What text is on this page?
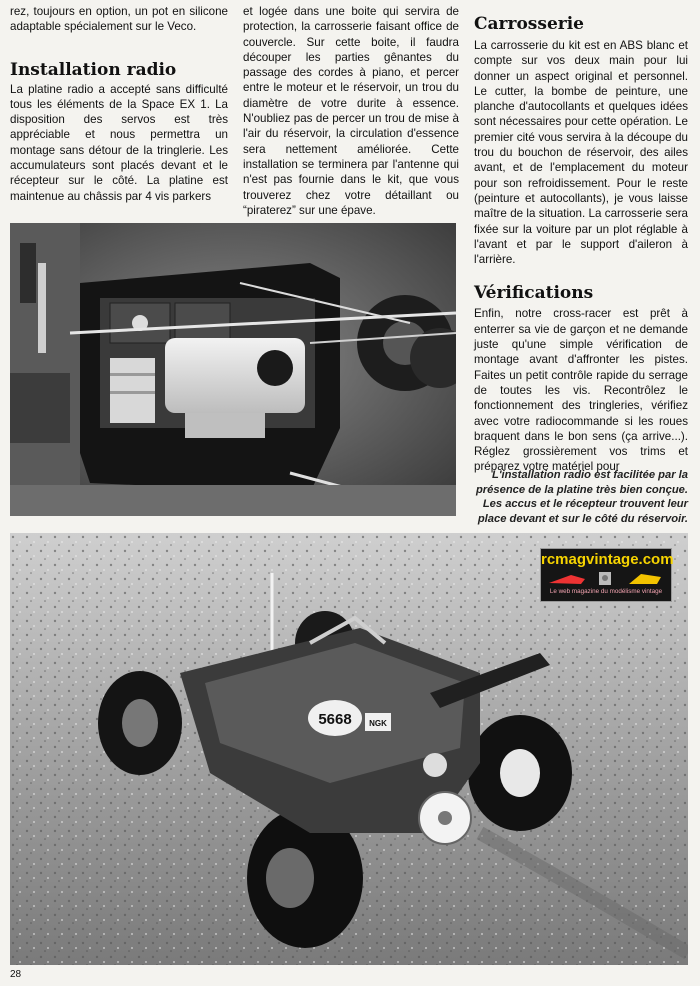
rez, toujours en option, un pot en silicone adaptable spécialement sur le Veco.

Installation radio

La platine radio a accepté sans difficulté tous les éléments de la Space EX 1. La disposition des servos est très appréciable et nous permettra un montage sans détour de la tringlerie. Les accumulateurs sont placés devant et le récepteur sur le côté. La platine est maintenue au châssis par 4 vis parkers

et logée dans une boite qui servira de protection, la carrosserie faisant office de couvercle. Sur cette boite, il faudra découper les parties gênantes du passage des cordes à piano, et percer entre le moteur et le réservoir, un trou du diamètre de votre durite à essence. N'oubliez pas de percer un trou de mise à l'air du réservoir, la circulation d'essence sera nettement améliorée. Cette installation se terminera par l'antenne qui n'est pas fournie dans le kit, que vous trouverez chez votre détaillant ou “piraterez” sur une épave.

Carrosserie

La carrosserie du kit est en ABS blanc et compte sur vos deux main pour lui donner un aspect original et personnel. Le cutter, la bombe de peinture, une planche d'autocollants et quelques idées sont nécessaires pour cette opération. Le premier cité vous servira à la découpe du trou du bouchon de réservoir, des ailes avant, et de l'emplacement du moteur pour son refroidissement. Pour le reste (peinture et autocollants), je vous laisse maître de la situation. La carrosserie sera fixée sur la voiture par un plot réglable à l'avant et par le support d'aileron à l'arrière.

Vérifications

Enfin, notre cross-racer est prêt à enterrer sa vie de garçon et ne demande juste qu'une simple vérification de montage avant d'affronter les pistes. Faites un petit contrôle rapide du serrage de toutes les vis. Recontrôlez le fonctionnement des tringleries, vérifiez avec votre radiocommande si les roues braquent dans le bon sens (ça arrive...). Réglez grossièrement vos trims et préparez votre matériel pour

L'installation radio est facilitée par la présence de la platine très bien conçue. Les accus et le récepteur trouvent leur place devant et sur le côté du réservoir.
5668 NGK
rcmagvintage.com
Le web magazine du modélisme vintage
28
